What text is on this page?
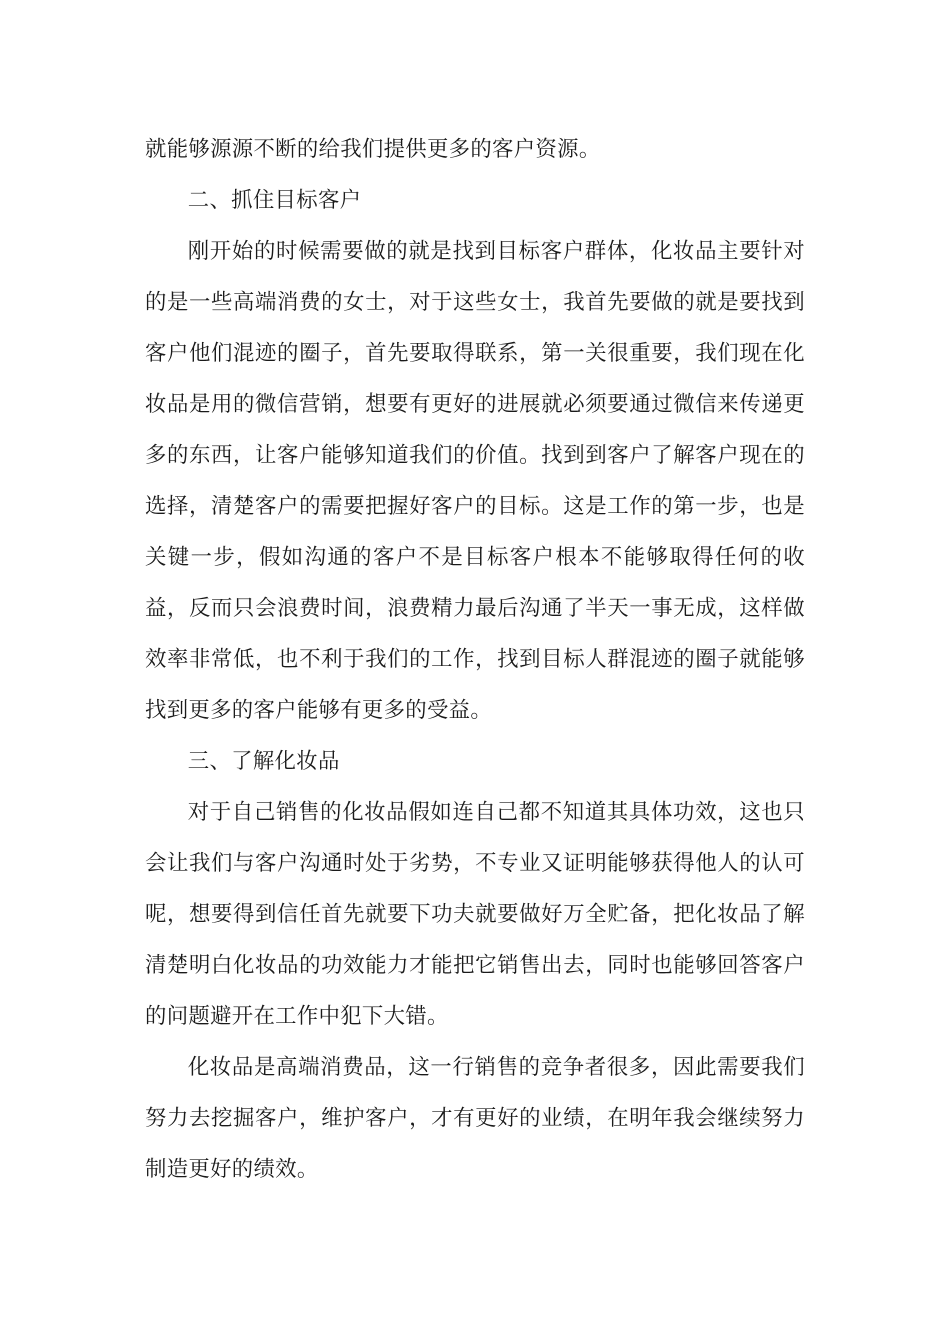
就能够源源不断的给我们提供更多的客户资源。

二、抓住目标客户

刚开始的时候需要做的就是找到目标客户群体，化妆品主要针对的是一些高端消费的女士，对于这些女士，我首先要做的就是要找到客户他们混迹的圈子，首先要取得联系，第一关很重要，我们现在化妆品是用的微信营销，想要有更好的进展就必须要通过微信来传递更多的东西，让客户能够知道我们的价值。找到到客户了解客户现在的选择，清楚客户的需要把握好客户的目标。这是工作的第一步，也是关键一步，假如沟通的客户不是目标客户根本不能够取得任何的收益，反而只会浪费时间，浪费精力最后沟通了半天一事无成，这样做效率非常低，也不利于我们的工作，找到目标人群混迹的圈子就能够找到更多的客户能够有更多的受益。

三、了解化妆品

对于自己销售的化妆品假如连自己都不知道其具体功效，这也只会让我们与客户沟通时处于劣势，不专业又证明能够获得他人的认可呢，想要得到信任首先就要下功夫就要做好万全贮备，把化妆品了解清楚明白化妆品的功效能力才能把它销售出去，同时也能够回答客户的问题避开在工作中犯下大错。

化妆品是高端消费品，这一行销售的竞争者很多，因此需要我们努力去挖掘客户，维护客户，才有更好的业绩，在明年我会继续努力制造更好的绩效。
